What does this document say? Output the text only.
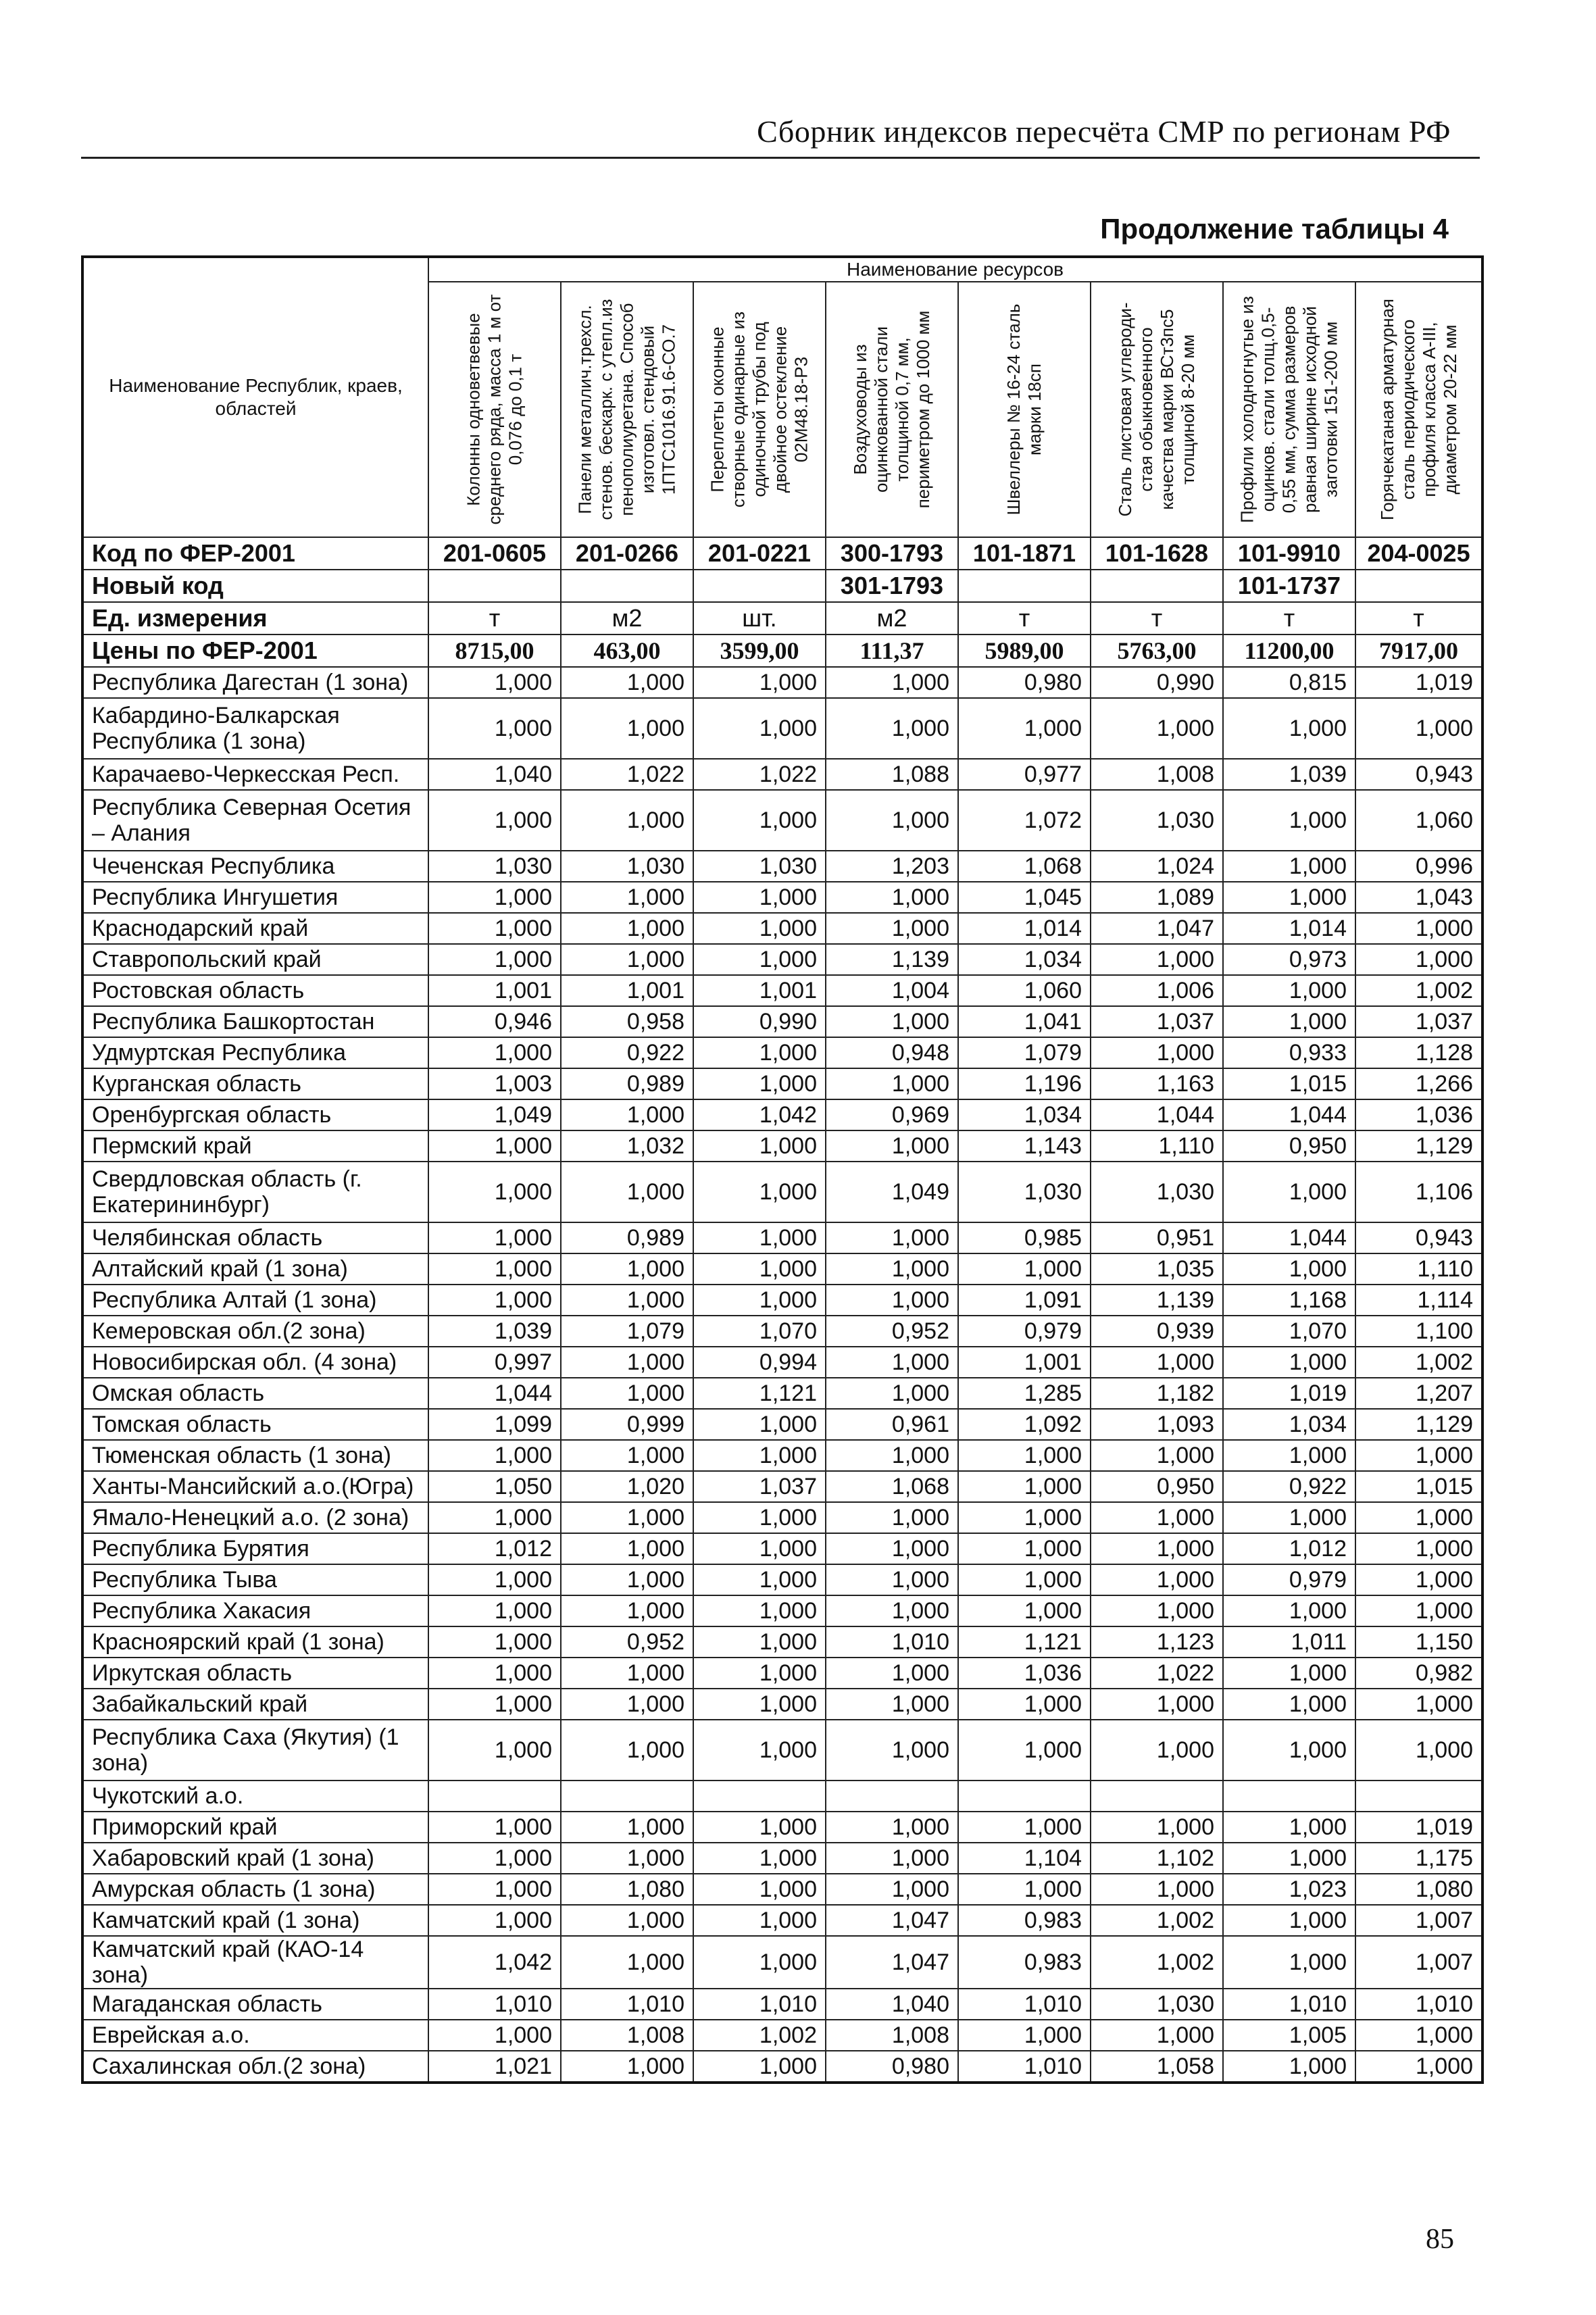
Сборник индексов пересчёта СМР по регионам РФ
Продолжение таблицы 4
Наименование Республик, краев, областей	Наименование ресурсов							

	Колонны одноветвевые среднего ряда, масса 1 м от 0,076 до 0,1 т	Панели металлич.трехсл. стенов. бескарк. с утепл.из пенополиуретана. Способ изготовл. стендовый 1ПТС1016.91.6-СО.7	Переплеты оконные створные одинарные из одиночной трубы под двойное остекление 02М48.18-Р3	Воздуховоды из оцинкованной стали толщиной 0,7 мм, периметром до 1000 мм	Швеллеры № 16-24 сталь марки 18сп	Сталь листовая углероди-стая обыкновенного качества марки ВСт3пс5 толщиной 8-20 мм	Профили холодногнутые из оцинков. стали толщ.0,5-0,55 мм, сумма размеров равная ширине исходной заготовки 151-200 мм	Горячекатаная арматурная сталь периодического профиля класса А-III, диаметром 20-22 мм

Код по ФЕР-2001	201-0605	201-0266	201-0221	300-1793	101-1871	101-1628	101-9910	204-0025
Новый код				301-1793			101-1737	
Ед. измерения	т	м2	шт.	м2	т	т	т	т
Цены по ФЕР-2001	8715,00	463,00	3599,00	111,37	5989,00	5763,00	11200,00	7917,00
Республика Дагестан (1 зона)	1,000	1,000	1,000	1,000	0,980	0,990	0,815	1,019
Кабардино-Балкарская Республика (1 зона)	1,000	1,000	1,000	1,000	1,000	1,000	1,000	1,000
Карачаево-Черкесская Респ.	1,040	1,022	1,022	1,088	0,977	1,008	1,039	0,943
Республика Северная Осетия – Алания	1,000	1,000	1,000	1,000	1,072	1,030	1,000	1,060
Чеченская Республика	1,030	1,030	1,030	1,203	1,068	1,024	1,000	0,996
Республика Ингушетия	1,000	1,000	1,000	1,000	1,045	1,089	1,000	1,043
Краснодарский край	1,000	1,000	1,000	1,000	1,014	1,047	1,014	1,000
Ставропольский край	1,000	1,000	1,000	1,139	1,034	1,000	0,973	1,000
Ростовская область	1,001	1,001	1,001	1,004	1,060	1,006	1,000	1,002
Республика Башкортостан	0,946	0,958	0,990	1,000	1,041	1,037	1,000	1,037
Удмуртская Республика	1,000	0,922	1,000	0,948	1,079	1,000	0,933	1,128
Курганская область	1,003	0,989	1,000	1,000	1,196	1,163	1,015	1,266
Оренбургская область	1,049	1,000	1,042	0,969	1,034	1,044	1,044	1,036
Пермский край	1,000	1,032	1,000	1,000	1,143	1,110	0,950	1,129
Свердловская область (г. Екатерининбург)	1,000	1,000	1,000	1,049	1,030	1,030	1,000	1,106
Челябинская область	1,000	0,989	1,000	1,000	0,985	0,951	1,044	0,943
Алтайский край (1 зона)	1,000	1,000	1,000	1,000	1,000	1,035	1,000	1,110
Республика Алтай (1 зона)	1,000	1,000	1,000	1,000	1,091	1,139	1,168	1,114
Кемеровская обл.(2 зона)	1,039	1,079	1,070	0,952	0,979	0,939	1,070	1,100
Новосибирская обл. (4 зона)	0,997	1,000	0,994	1,000	1,001	1,000	1,000	1,002
Омская область	1,044	1,000	1,121	1,000	1,285	1,182	1,019	1,207
Томская область	1,099	0,999	1,000	0,961	1,092	1,093	1,034	1,129
Тюменская область (1 зона)	1,000	1,000	1,000	1,000	1,000	1,000	1,000	1,000
Ханты-Мансийский а.о.(Югра)	1,050	1,020	1,037	1,068	1,000	0,950	0,922	1,015
Ямало-Ненецкий а.о. (2 зона)	1,000	1,000	1,000	1,000	1,000	1,000	1,000	1,000
Республика Бурятия	1,012	1,000	1,000	1,000	1,000	1,000	1,012	1,000
Республика Тыва	1,000	1,000	1,000	1,000	1,000	1,000	0,979	1,000
Республика Хакасия	1,000	1,000	1,000	1,000	1,000	1,000	1,000	1,000
Красноярский край (1 зона)	1,000	0,952	1,000	1,010	1,121	1,123	1,011	1,150
Иркутская область	1,000	1,000	1,000	1,000	1,036	1,022	1,000	0,982
Забайкальский край	1,000	1,000	1,000	1,000	1,000	1,000	1,000	1,000
Республика Саха (Якутия) (1 зона)	1,000	1,000	1,000	1,000	1,000	1,000	1,000	1,000
Чукотский а.о.								
Приморский край	1,000	1,000	1,000	1,000	1,000	1,000	1,000	1,019
Хабаровский край (1 зона)	1,000	1,000	1,000	1,000	1,104	1,102	1,000	1,175
Амурская область (1 зона)	1,000	1,080	1,000	1,000	1,000	1,000	1,023	1,080
Камчатский край (1 зона)	1,000	1,000	1,000	1,047	0,983	1,002	1,000	1,007
Камчатский край (КАО-14 зона)	1,042	1,000	1,000	1,047	0,983	1,002	1,000	1,007
Магаданская область	1,010	1,010	1,010	1,040	1,010	1,030	1,010	1,010
Еврейская а.о.	1,000	1,008	1,002	1,008	1,000	1,000	1,005	1,000
Сахалинская обл.(2 зона)	1,021	1,000	1,000	0,980	1,010	1,058	1,000	1,000
85
